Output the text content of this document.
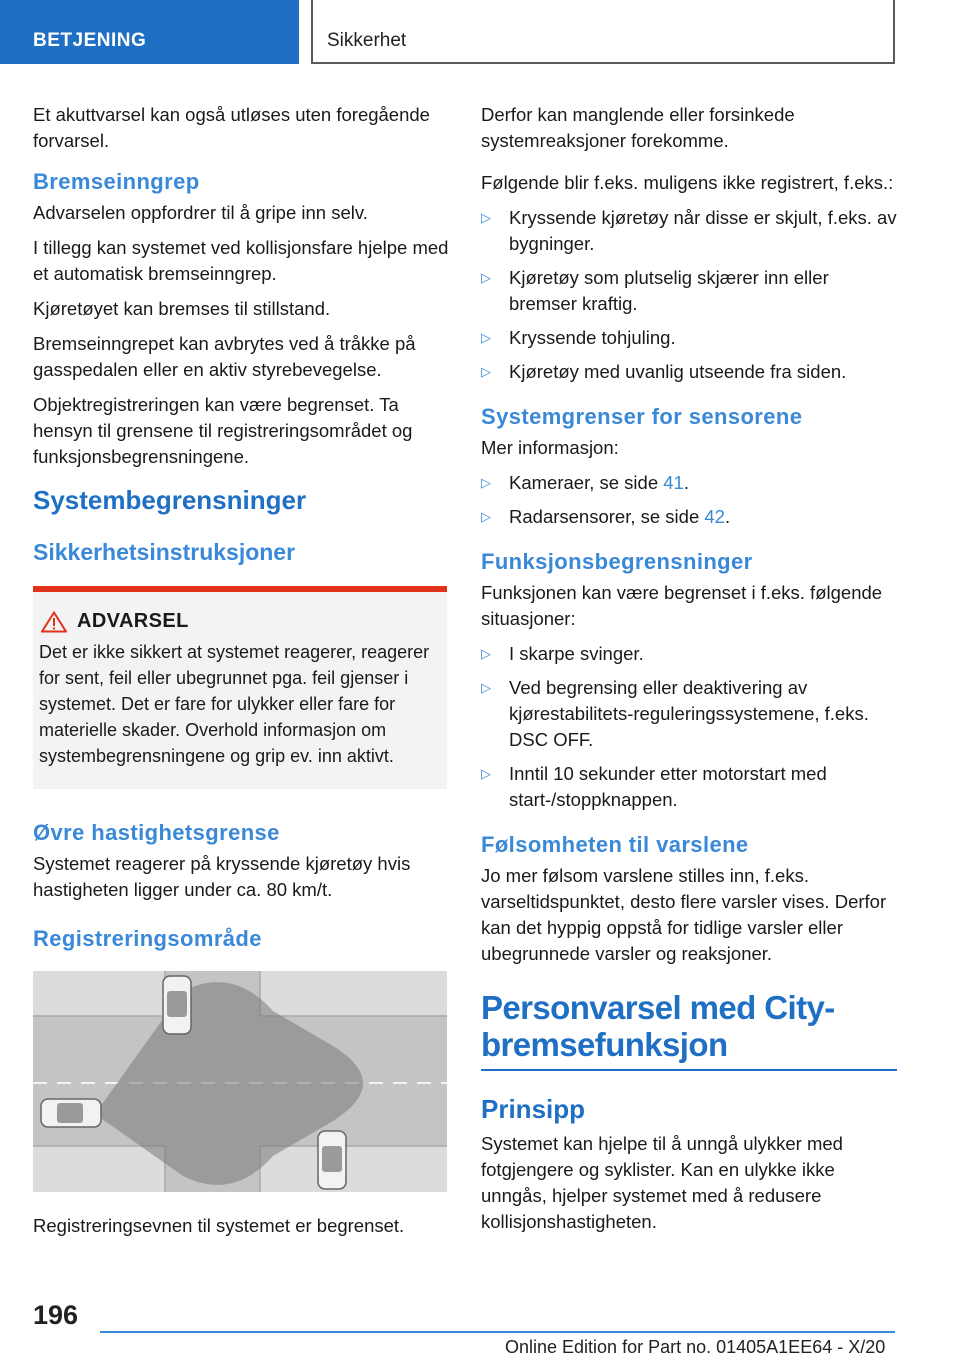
BETJENING	Sikkerhet

Et akuttvarsel kan også utløses uten foregående forvarsel.

Bremseinngrep

Advarselen oppfordrer til å gripe inn selv.

I tillegg kan systemet ved kollisjonsfare hjelpe med et automatisk bremseinngrep.

Kjøretøyet kan bremses til stillstand.

Bremseinngrepet kan avbrytes ved å tråkke på gasspedalen eller en aktiv styrebevegelse.

Objektregistreringen kan være begrenset. Ta hensyn til grensene til registreringsområdet og funksjonsbegrensningene.

Systembegrensninger
Sikkerhetsinstruksjoner
ADVARSEL

Det er ikke sikkert at systemet reagerer, reagerer for sent, feil eller ubegrunnet pga. feil gjenser i systemet. Det er fare for ulykker eller fare for materielle skader. Overhold informasjon om systembegrensningene og grip ev. inn aktivt.

Øvre hastighetsgrense

Systemet reagerer på kryssende kjøretøy hvis hastigheten ligger under ca. 80 km/t.

Registreringsområde

Registreringsevnen til systemet er begrenset.

Derfor kan manglende eller forsinkede systemreaksjoner forekomme.

Følgende blir f.eks. muligens ikke registrert, f.eks.:

▷ Kryssende kjøretøy når disse er skjult, f.eks. av bygninger.
▷ Kjøretøy som plutselig skjærer inn eller bremser kraftig.
▷ Kryssende tohjuling.
▷ Kjøretøy med uvanlig utseende fra siden.
Systemgrenser for sensorene

Mer informasjon:

▷ Kameraer, se side 41.
▷ Radarsensorer, se side 42.
Funksjonsbegrensninger

Funksjonen kan være begrenset i f.eks. følgende situasjoner:

▷ I skarpe svinger.
▷ Ved begrensing eller deaktivering av kjørestabilitets-reguleringssystemene, f.eks. DSC OFF.
▷ Inntil 10 sekunder etter motorstart med start-/stoppknappen.
Følsomheten til varslene

Jo mer følsom varslene stilles inn, f.eks. varseltidspunktet, desto flere varsler vises. Derfor kan det hyppig oppstå for tidlige varsler eller ubegrunnede varsler og reaksjoner.

Personvarsel med City-bremsefunksjon
Prinsipp

Systemet kan hjelpe til å unngå ulykker med fotgjengere og syklister. Kan en ulykke ikke unngås, hjelper systemet med å redusere kollisjonshastigheten.

196
Online Edition for Part no. 01405A1EE64 - X/20
